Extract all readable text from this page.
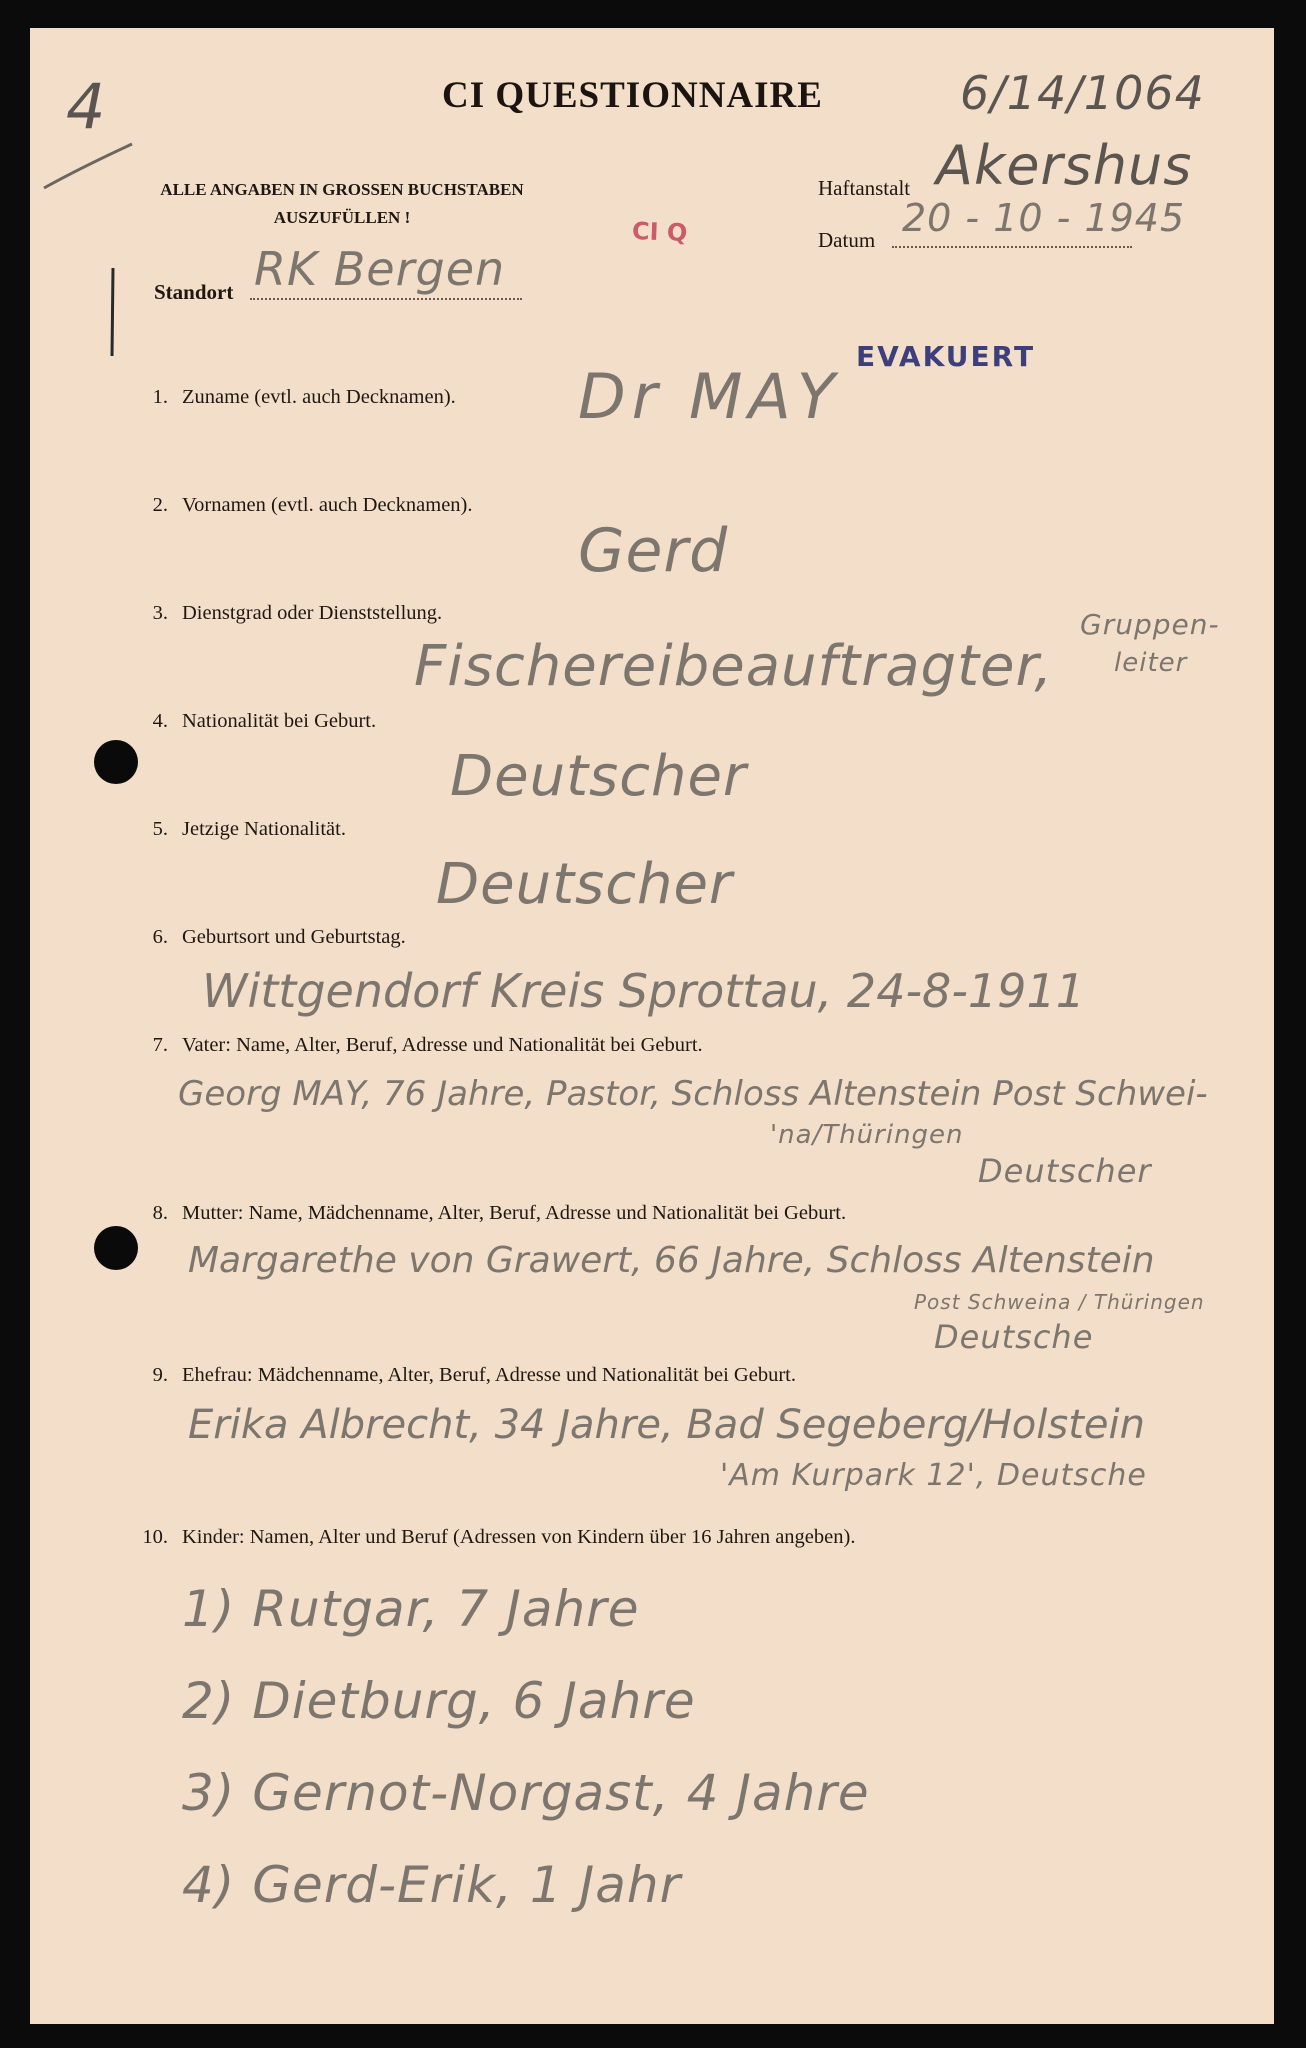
4	CI QUESTIONNAIRE	6/14/1064
ALLE ANGABEN IN GROSSEN BUCHSTABEN
AUSZUFÜLLEN !
Haftanstalt Akershus
CI Q	Datum 20 - 10 - 1945
Standort RK Bergen
EVAKUERT
1. Zuname (evtl. auch Decknamen). Dr MAY
2. Vornamen (evtl. auch Decknamen).
Gerd
3. Dienstgrad oder Dienststellung.
Fischereibeauftragter,
Gruppen-
leiter
4. Nationalität bei Geburt.
Deutscher
5. Jetzige Nationalität.
Deutscher
6. Geburtsort und Geburtstag.
Wittgendorf Kreis Sprottau, 24-8-1911
7. Vater: Name, Alter, Beruf, Adresse und Nationalität bei Geburt.
Georg MAY, 76 Jahre, Pastor, Schloss Altenstein Post Schwei-
'na/Thüringen
Deutscher
8. Mutter: Name, Mädchenname, Alter, Beruf, Adresse und Nationalität bei Geburt.
Margarethe von Grawert, 66 Jahre, Schloss Altenstein
Post Schweina / Thüringen
Deutsche
9. Ehefrau: Mädchenname, Alter, Beruf, Adresse und Nationalität bei Geburt.
Erika Albrecht, 34 Jahre, Bad Segeberg/Holstein
'Am Kurpark 12', Deutsche
10. Kinder: Namen, Alter und Beruf (Adressen von Kindern über 16 Jahren angeben).
1) Rutgar, 7 Jahre
2) Dietburg, 6 Jahre
3) Gernot-Norgast, 4 Jahre
4) Gerd-Erik, 1 Jahr
